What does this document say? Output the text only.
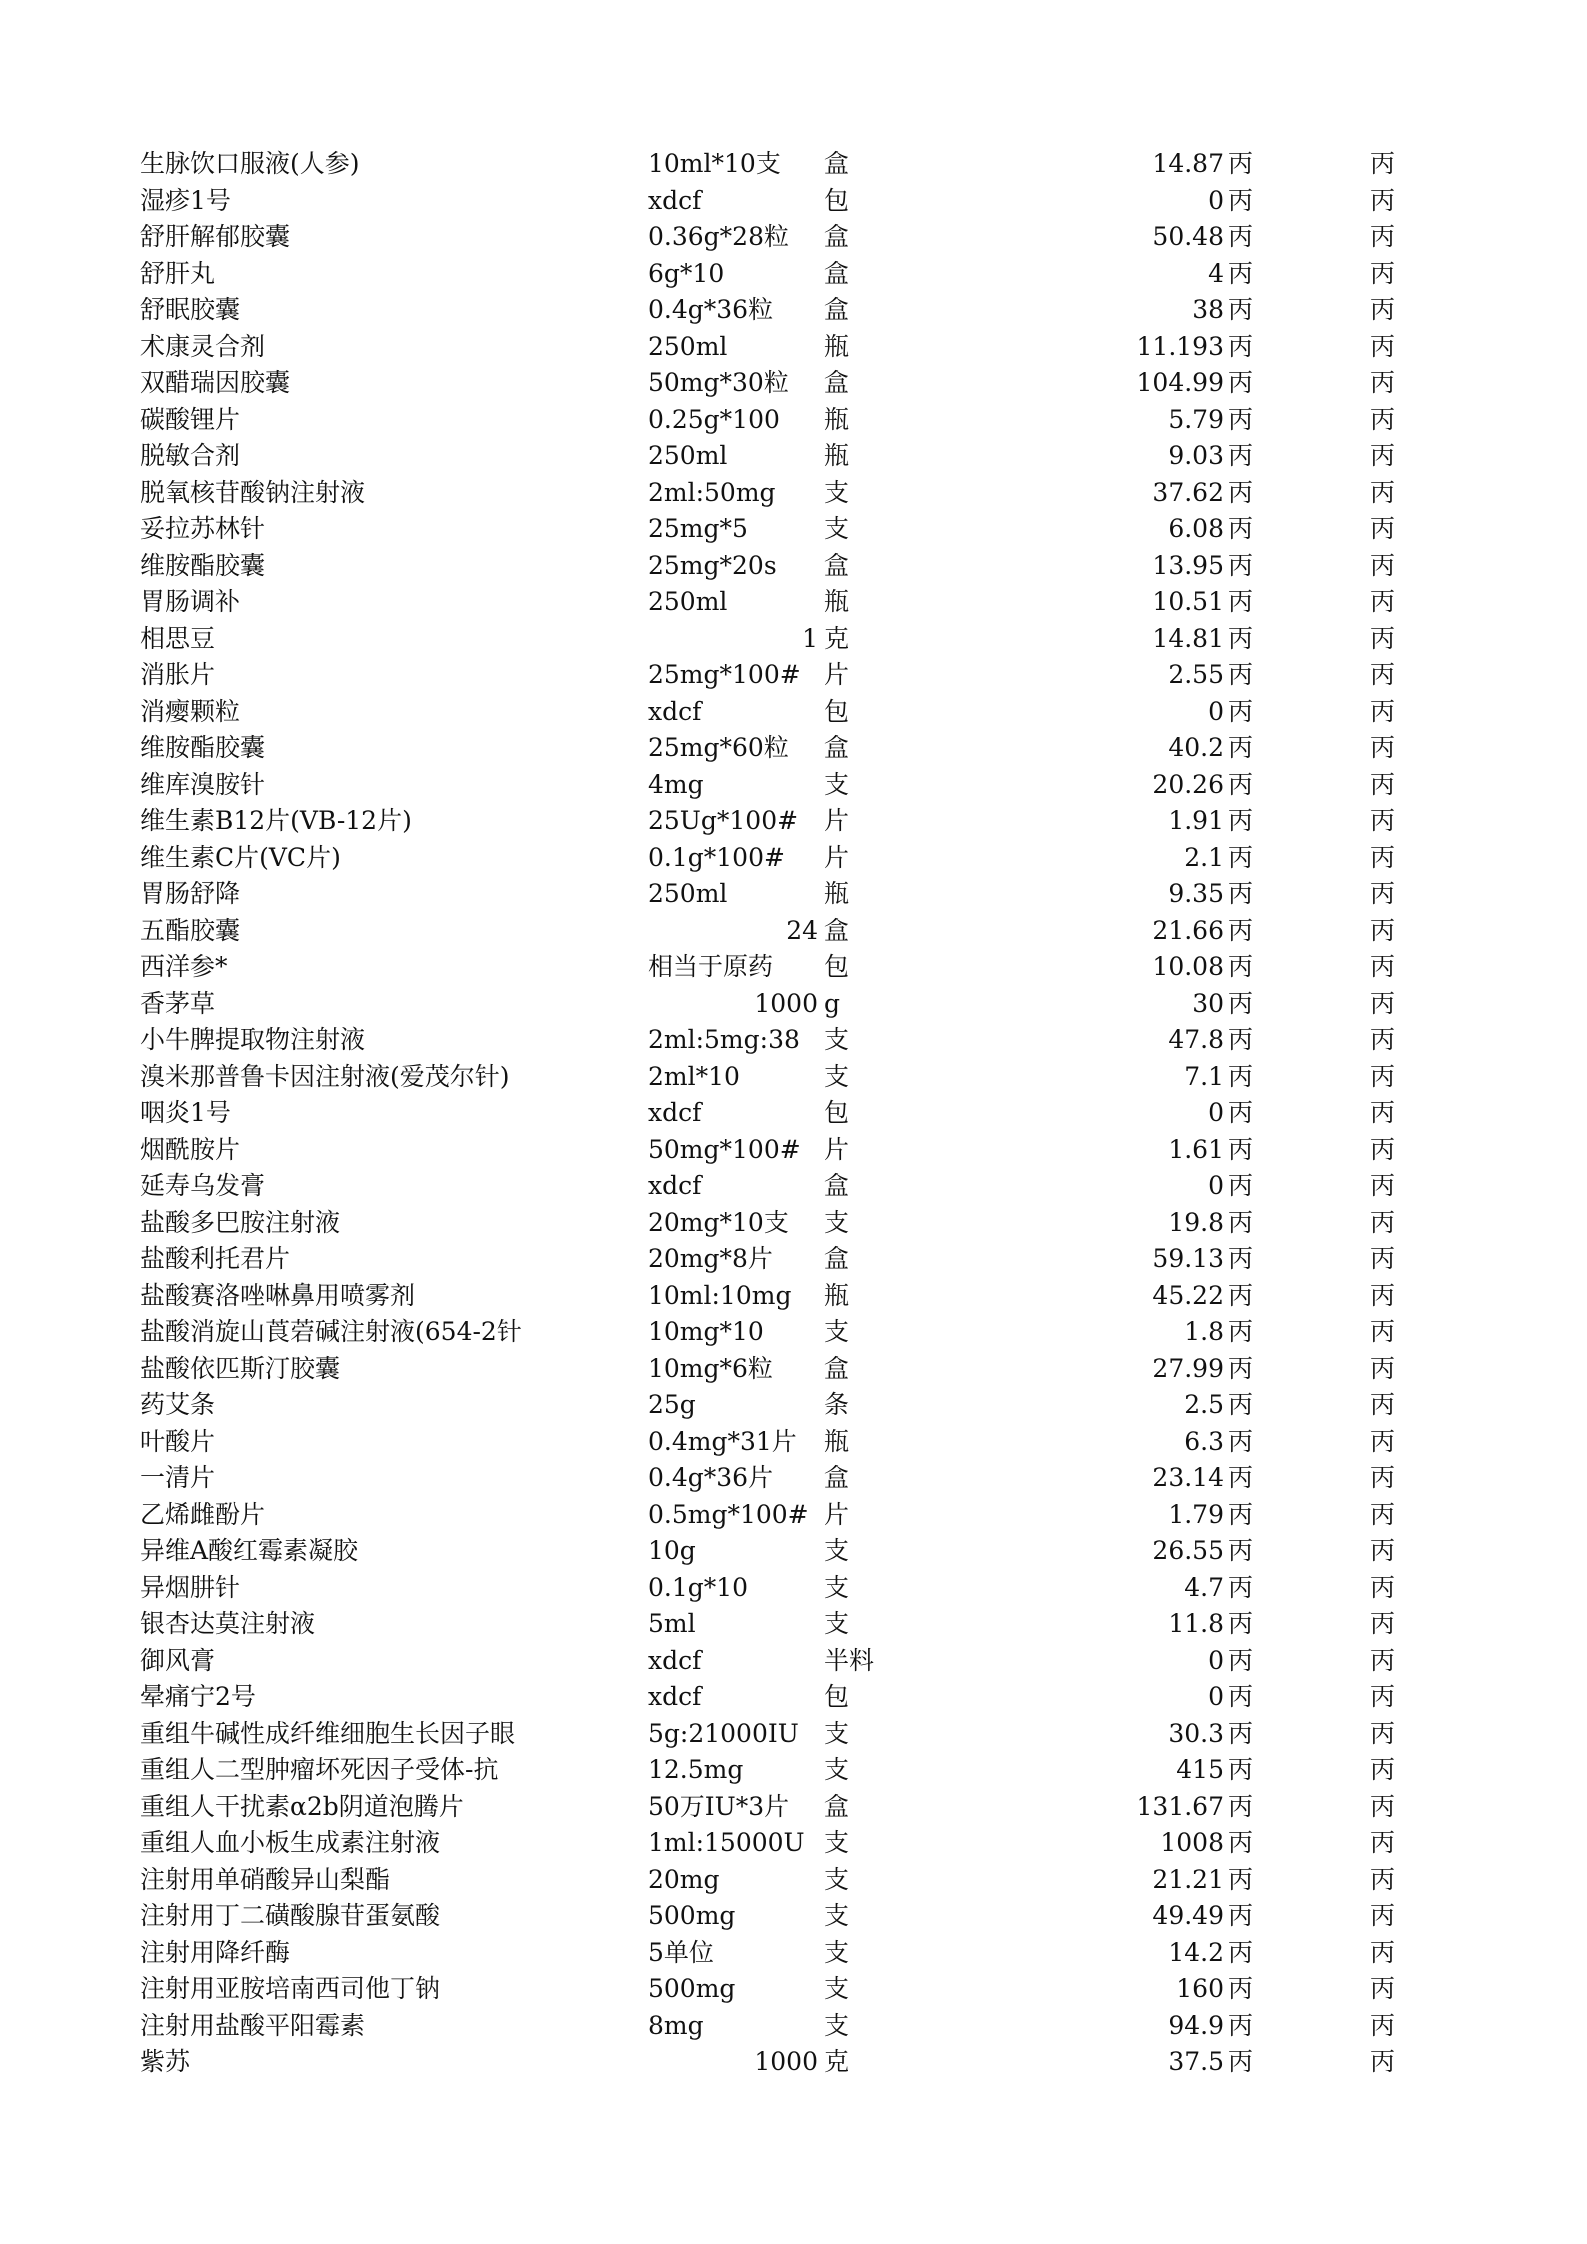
生脉饮口服液(人参)	10ml*10支	盒	14.87 丙	丙
湿疹1号	xdcf	包	0 丙	丙
舒肝解郁胶囊	0.36g*28粒	盒	50.48 丙	丙
舒肝丸	6g*10	盒	4 丙	丙
舒眠胶囊	0.4g*36粒	盒	38 丙	丙
术康灵合剂	250ml	瓶	11.193 丙	丙
双醋瑞因胶囊	50mg*30粒	盒	104.99 丙	丙
碳酸锂片	0.25g*100	瓶	5.79 丙	丙
脱敏合剂	250ml	瓶	9.03 丙	丙
脱氧核苷酸钠注射液	2ml:50mg	支	37.62 丙	丙
妥拉苏林针	25mg*5	支	6.08 丙	丙
维胺酯胶囊	25mg*20s	盒	13.95 丙	丙
胃肠调补	250ml	瓶	10.51 丙	丙
相思豆	1 克	14.81 丙	丙
消胀片	25mg*100# 片	2.55 丙	丙
消瘿颗粒	xdcf	包	0 丙	丙
维胺酯胶囊	25mg*60粒	盒	40.2 丙	丙
维库溴胺针	4mg	支	20.26 丙	丙
维生素B12片(VB-12片)	25Ug*100#	片	1.91 丙	丙
维生素C片(VC片)	0.1g*100#	片	2.1 丙	丙
胃肠舒降	250ml	瓶	9.35 丙	丙
五酯胶囊	24 盒	21.66 丙	丙
西洋参*	相当于原药	包	10.08 丙	丙
香茅草	1000 g	30 丙	丙
小牛脾提取物注射液	2ml:5mg:38 支	47.8 丙	丙
溴米那普鲁卡因注射液(爱茂尔针)	2ml*10	支	7.1 丙	丙
咽炎1号	xdcf	包	0 丙	丙
烟酰胺片	50mg*100# 片	1.61 丙	丙
延寿乌发膏	xdcf	盒	0 丙	丙
盐酸多巴胺注射液	20mg*10支	支	19.8 丙	丙
盐酸利托君片	20mg*8片	盒	59.13 丙	丙
盐酸赛洛唑啉鼻用喷雾剂	10ml:10mg	瓶	45.22 丙	丙
盐酸消旋山莨菪碱注射液(654-2针	10mg*10	支	1.8 丙	丙
盐酸依匹斯汀胶囊	10mg*6粒	盒	27.99 丙	丙
药艾条	25g	条	2.5 丙	丙
叶酸片	0.4mg*31片	瓶	6.3 丙	丙
一清片	0.4g*36片	盒	23.14 丙	丙
乙烯雌酚片	0.5mg*100# 片	1.79 丙	丙
异维A酸红霉素凝胶	10g	支	26.55 丙	丙
异烟肼针	0.1g*10	支	4.7 丙	丙
银杏达莫注射液	5ml	支	11.8 丙	丙
御风膏	xdcf	半料	0 丙	丙
晕痛宁2号	xdcf	包	0 丙	丙
重组牛碱性成纤维细胞生长因子眼	5g:21000IU	支	30.3 丙	丙
重组人二型肿瘤坏死因子受体-抗	12.5mg	支	415 丙	丙
重组人干扰素α2b阴道泡腾片	50万IU*3片	盒	131.67 丙	丙
重组人血小板生成素注射液	1ml:15000U 支	1008 丙	丙
注射用单硝酸异山梨酯	20mg	支	21.21 丙	丙
注射用丁二磺酸腺苷蛋氨酸	500mg	支	49.49 丙	丙
注射用降纤酶	5单位	支	14.2 丙	丙
注射用亚胺培南西司他丁钠	500mg	支	160 丙	丙
注射用盐酸平阳霉素	8mg	支	94.9 丙	丙
紫苏	1000 克	37.5 丙	丙
